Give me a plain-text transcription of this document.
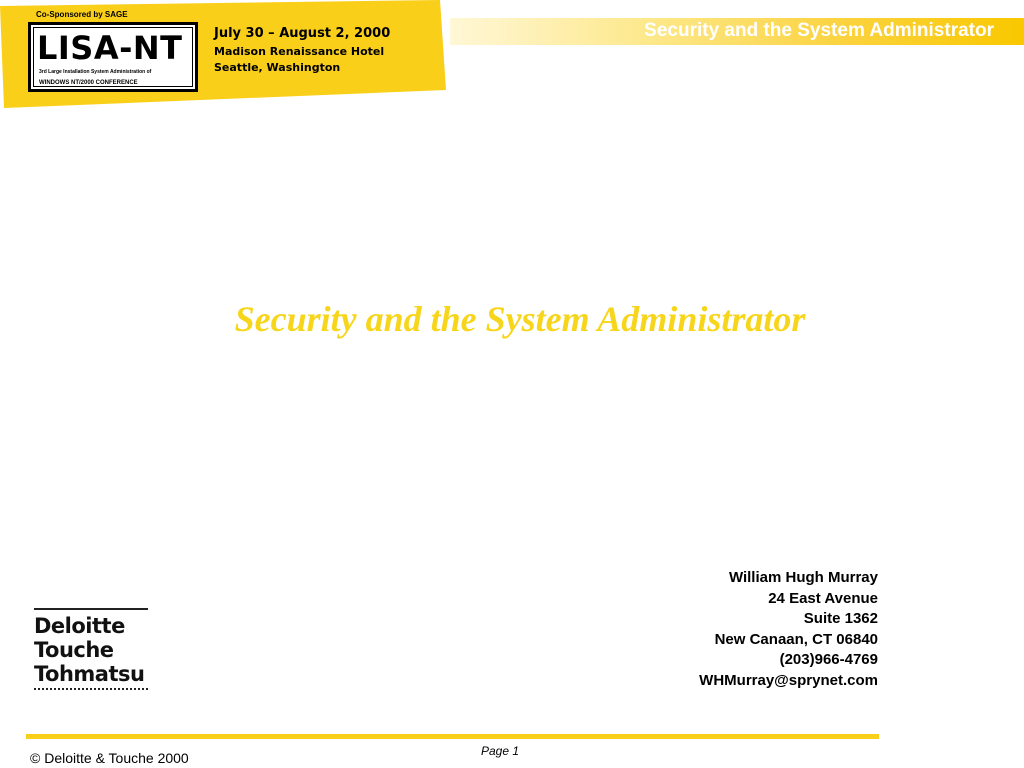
Co-Sponsored by SAGE
LISA-NT
3rd Large Installation System Administration of
WINDOWS NT/2000 CONFERENCE
July 30 – August 2, 2000
Madison Renaissance Hotel
Seattle, Washington
Security and the System Administrator
Security and the System Administrator
William Hugh Murray
24 East Avenue
Suite 1362
New Canaan, CT 06840
(203)966-4769
WHMurray@sprynet.com
Deloitte
Touche
Tohmatsu
Page 1
© Deloitte & Touche 2000
